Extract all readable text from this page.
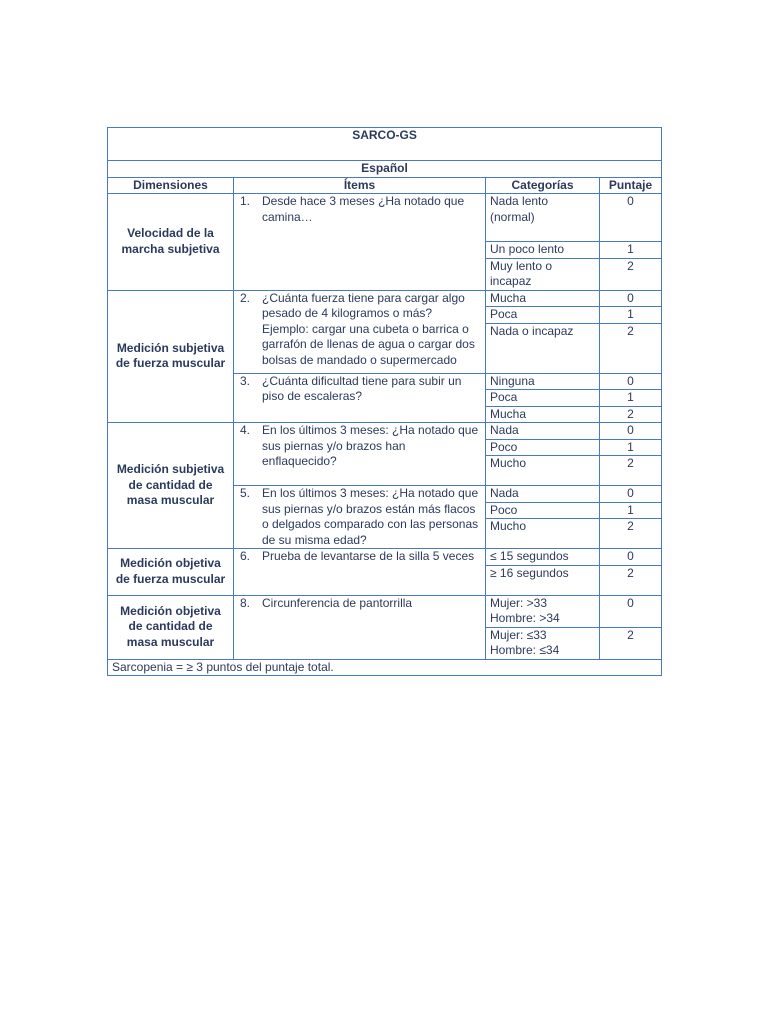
SARCO-GS			
Español			
Dimensiones	Ítems	Categorías	Puntaje
Velocidad de la marcha subjetiva	1. Desde hace 3 meses ¿Ha notado que camina…	Nada lento (normal)	0
		Un poco lento	1
		Muy lento o incapaz	2
Medición subjetiva de fuerza muscular	2. ¿Cuánta fuerza tiene para cargar algo pesado de 4 kilogramos o más? Ejemplo: cargar una cubeta o barrica o garrafón de llenas de agua o cargar dos bolsas de mandado o supermercado	Mucha	0
		Poca	1
		Nada o incapaz	2

	3. ¿Cuánta dificultad tiene para subir un piso de escaleras?	Ninguna	0
		Poca	1
		Mucha	2
Medición subjetiva de cantidad de masa muscular	4. En los últimos 3 meses: ¿Ha notado que sus piernas y/o brazos han enflaquecido?	Nada	0
		Poco	1
		Mucho	2

	5. En los últimos 3 meses: ¿Ha notado que sus piernas y/o brazos están más flacos o delgados comparado con las personas de su misma edad?	Nada	0
		Poco	1
		Mucho	2
Medición objetiva de fuerza muscular	6. Prueba de levantarse de la silla 5 veces	≤ 15 segundos	0
		≥ 16 segundos	2
Medición objetiva de cantidad de masa muscular	8. Circunferencia de pantorrilla	Mujer: >33
Hombre: >34	0
		Mujer: ≤33
Hombre: ≤34	2
Sarcopenia = ≥ 3 puntos del puntaje total.			
